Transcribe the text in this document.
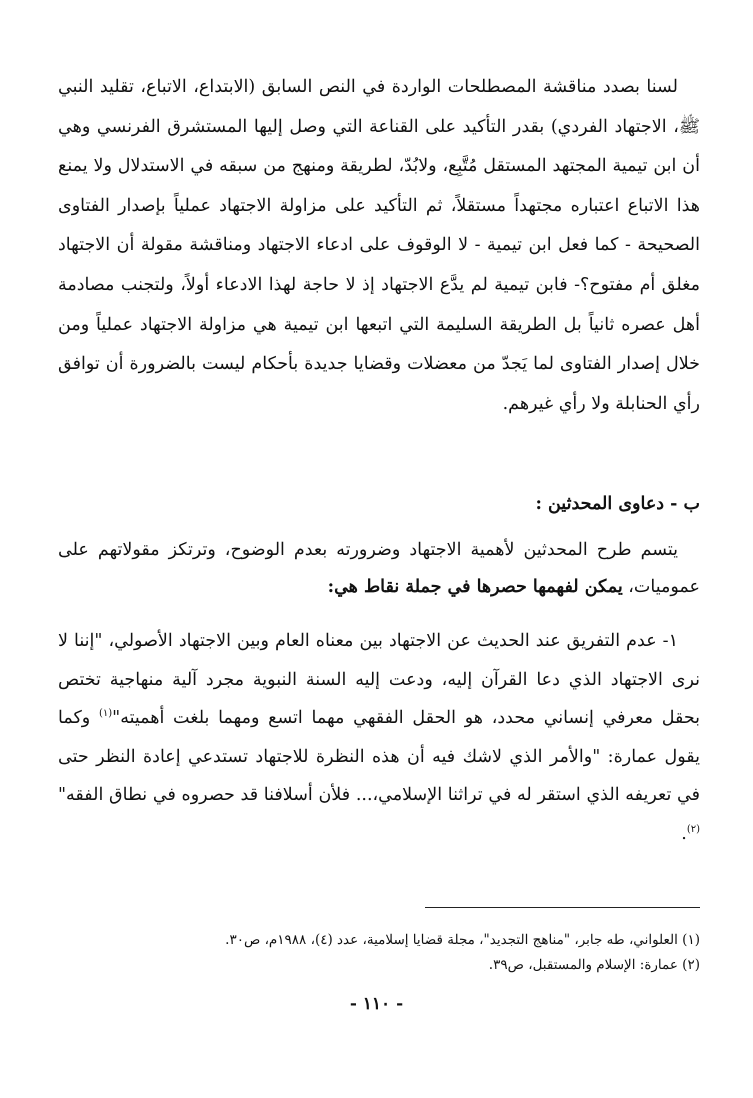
لسنا بصدد مناقشة المصطلحات الواردة في النص السابق (الابتداع، الاتباع، تقليد النبي ﷺ، الاجتهاد الفردي) بقدر التأكيد على القناعة التي وصل إليها المستشرق الفرنسي وهي أن ابن تيمية المجتهد المستقل مُتَّبِع، ولابُدّ، لطريقة ومنهج من سبقه في الاستدلال ولا يمنع هذا الاتباع اعتباره مجتهداً مستقلاً، ثم التأكيد على مزاولة الاجتهاد عملياً بإصدار الفتاوى الصحيحة - كما فعل ابن تيمية - لا الوقوف على ادعاء الاجتهاد ومناقشة مقولة أن الاجتهاد مغلق أم مفتوح؟- فابن تيمية لم يدَّع الاجتهاد إذ لا حاجة لهذا الادعاء أولاً، ولتجنب مصادمة أهل عصره ثانياً بل الطريقة السليمة التي اتبعها ابن تيمية هي مزاولة الاجتهاد عملياً ومن خلال إصدار الفتاوى لما يَجدّ من معضلات وقضايا جديدة بأحكام ليست بالضرورة أن توافق رأي الحنابلة ولا رأي غيرهم.

ب - دعاوى المحدثين :

يتسم طرح المحدثين لأهمية الاجتهاد وضرورته بعدم الوضوح، وترتكز مقولاتهم على عموميات، يمكن لفهمها حصرها في جملة نقاط هي:

١- عدم التفريق عند الحديث عن الاجتهاد بين معناه العام وبين الاجتهاد الأصولي، "إننا لا نرى الاجتهاد الذي دعا القرآن إليه، ودعت إليه السنة النبوية مجرد آلية منهاجية تختص بحقل معرفي إنساني محدد، هو الحقل الفقهي مهما اتسع ومهما بلغت أهميته"$^{(١)}$ وكما يقول عمارة: "والأمر الذي لاشك فيه أن هذه النظرة للاجتهاد تستدعي إعادة النظر حتى في تعريفه الذي استقر له في تراثنا الإسلامي،... فلأن أسلافنا قد حصروه في نطاق الفقه"$^{(٢)}$.

(١) العلواني، طه جابر، "مناهج التجديد"، مجلة قضايا إسلامية، عدد (٤)، ١٩٨٨م، ص٣٠.
(٢) عمارة: الإسلام والمستقبل، ص٣٩.
- ١١٠ -
